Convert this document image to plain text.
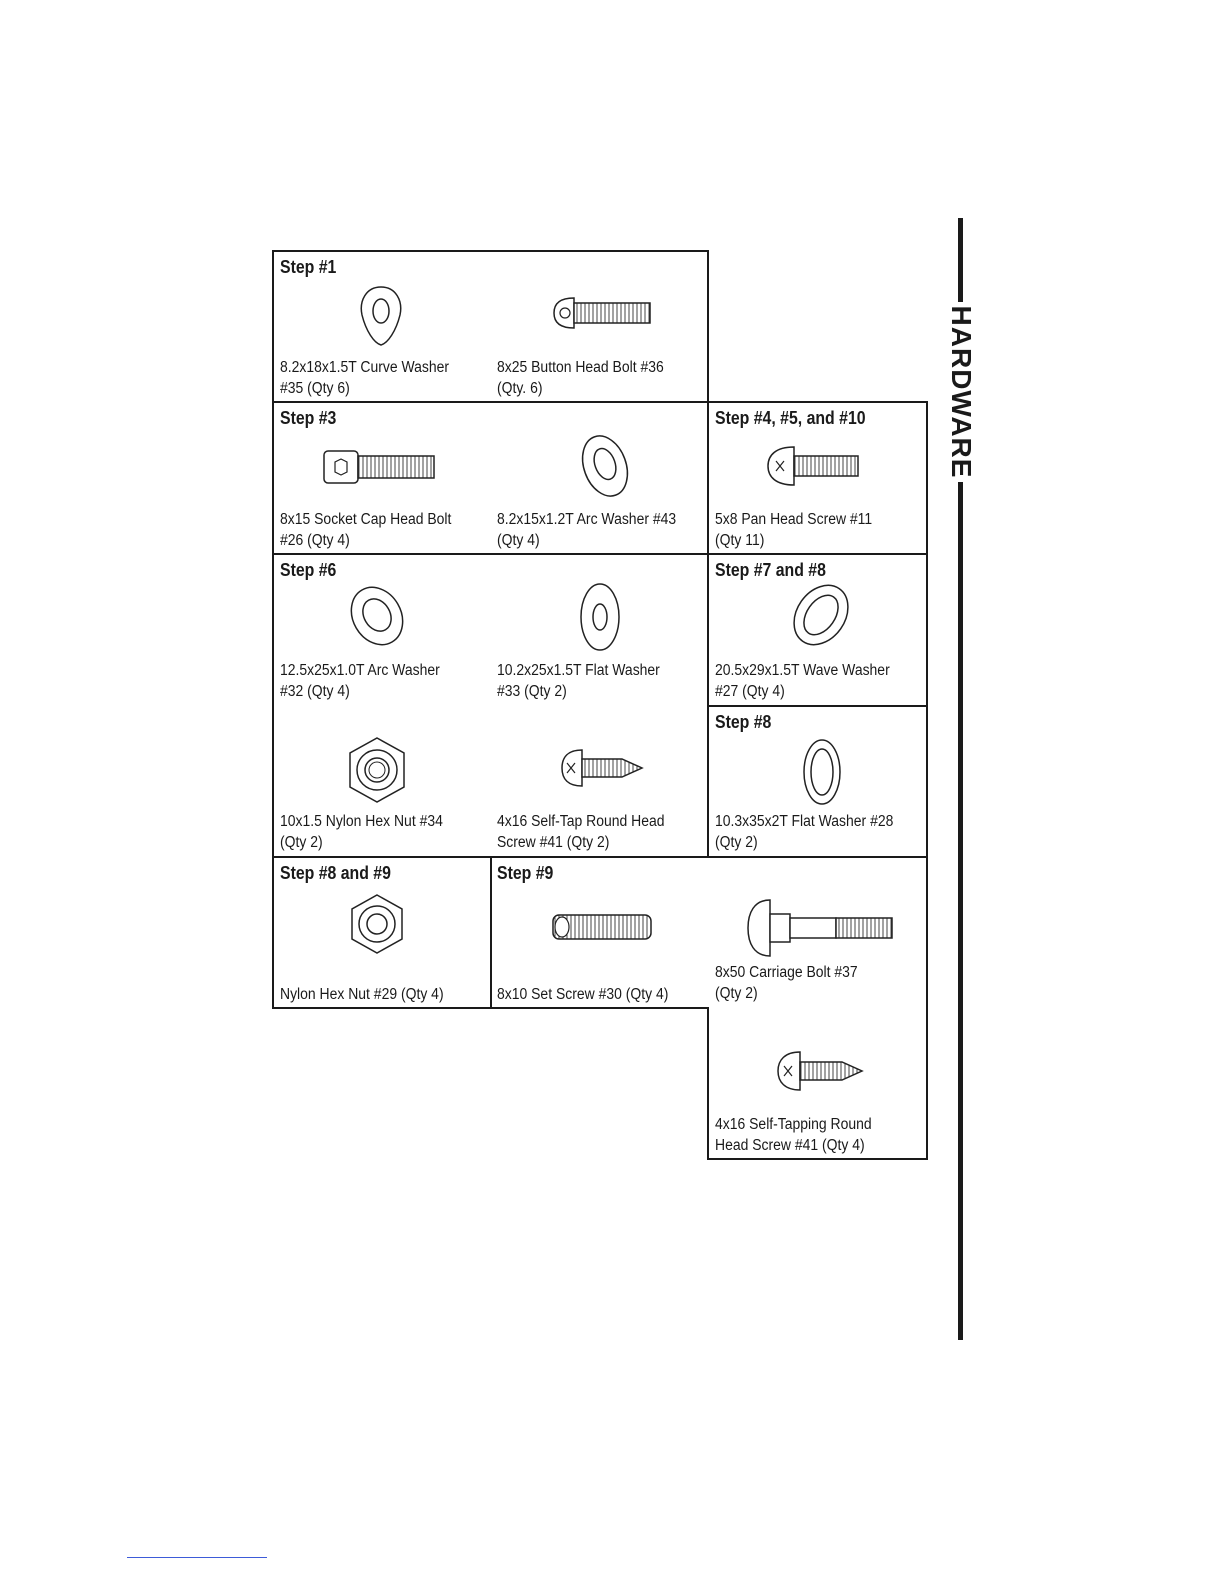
HARDWARE
Step #1
8.2x18x1.5T Curve Washer
#35 (Qty 6)
8x25 Button Head Bolt #36
(Qty. 6)
Step #3
8x15 Socket Cap Head Bolt
#26 (Qty 4)
8.2x15x1.2T Arc Washer #43
(Qty 4)
Step #4, #5, and #10
5x8 Pan Head Screw #11
(Qty 11)
Step #6
12.5x25x1.0T Arc Washer
#32 (Qty 4)
10.2x25x1.5T Flat Washer
#33 (Qty 2)
10x1.5 Nylon Hex Nut #34
(Qty 2)
4x16 Self-Tap Round Head
Screw #41 (Qty 2)
Step #7 and #8
20.5x29x1.5T Wave Washer
#27 (Qty 4)
Step #8
10.3x35x2T Flat Washer #28
(Qty 2)
Step #8 and #9
Nylon Hex Nut #29 (Qty 4)
Step #9
8x10 Set Screw #30 (Qty 4)
8x50 Carriage Bolt #37
(Qty 2)
4x16 Self-Tapping Round
Head Screw #41 (Qty 4)
